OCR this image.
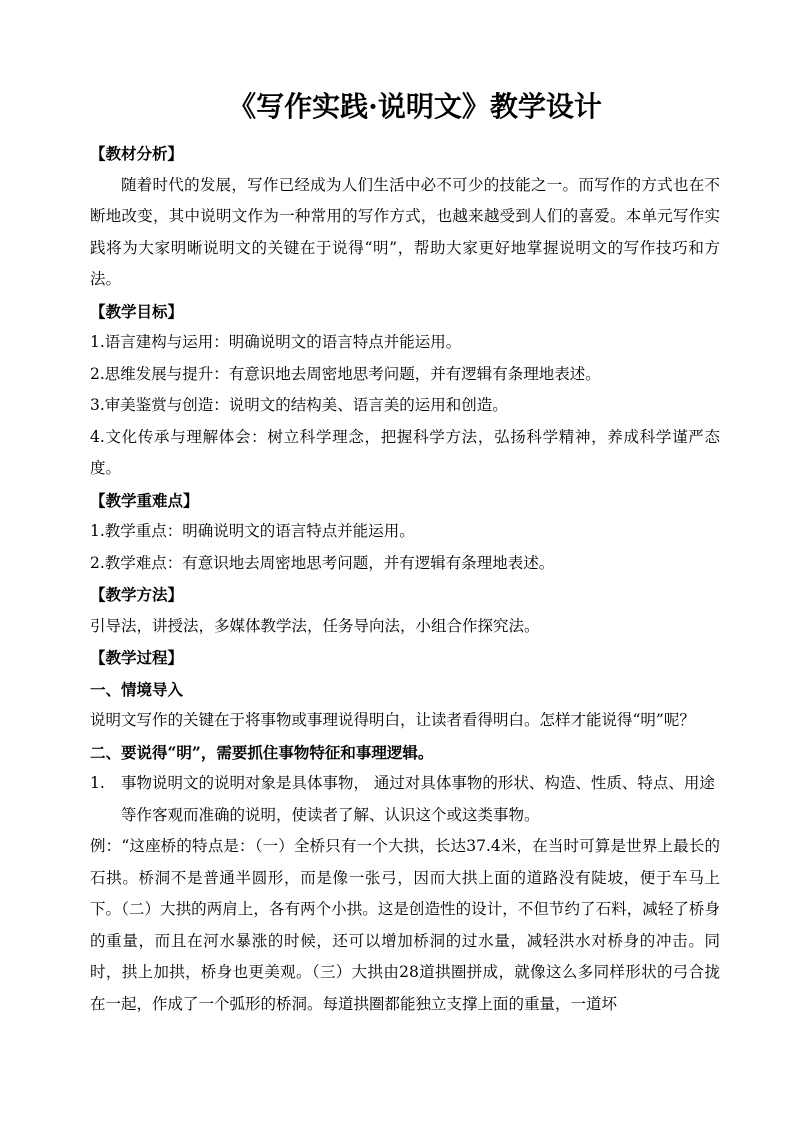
《写作实践·说明文》教学设计

【教材分析】

随着时代的发展，写作已经成为人们生活中必不可少的技能之一。而写作的方式也在不断地改变，其中说明文作为一种常用的写作方式，也越来越受到人们的喜爱。本单元写作实践将为大家明晰说明文的关键在于说得“明”，帮助大家更好地掌握说明文的写作技巧和方法。

【教学目标】

1.语言建构与运用：明确说明文的语言特点并能运用。

2.思维发展与提升：有意识地去周密地思考问题，并有逻辑有条理地表述。

3.审美鉴赏与创造：说明文的结构美、语言美的运用和创造。

4.文化传承与理解体会：树立科学理念，把握科学方法，弘扬科学精神，养成科学谨严态度。

【教学重难点】

1.教学重点：明确说明文的语言特点并能运用。

2.教学难点：有意识地去周密地思考问题，并有逻辑有条理地表述。

【教学方法】

引导法，讲授法，多媒体教学法，任务导向法，小组合作探究法。

【教学过程】

一、情境导入

说明文写作的关键在于将事物或事理说得明白，让读者看得明白。怎样才能说得“明”呢？

二、要说得“明”，需要抓住事物特征和事理逻辑。

1. 事物说明文的说明对象是具体事物， 通过对具体事物的形状、构造、性质、特点、用途等作客观而准确的说明，使读者了解、认识这个或这类事物。

例：“这座桥的特点是：（一）全桥只有一个大拱，长达37.4米，在当时可算是世界上最长的石拱。桥洞不是普通半圆形，而是像一张弓，因而大拱上面的道路没有陡坡，便于车马上下。（二）大拱的两肩上，各有两个小拱。这是创造性的设计，不但节约了石料，减轻了桥身的重量，而且在河水暴涨的时候，还可以增加桥洞的过水量，减轻洪水对桥身的冲击。同时，拱上加拱，桥身也更美观。（三）大拱由28道拱圈拼成，就像这么多同样形状的弓合拢在一起，作成了一个弧形的桥洞。每道拱圈都能独立支撑上面的重量，一道坏
